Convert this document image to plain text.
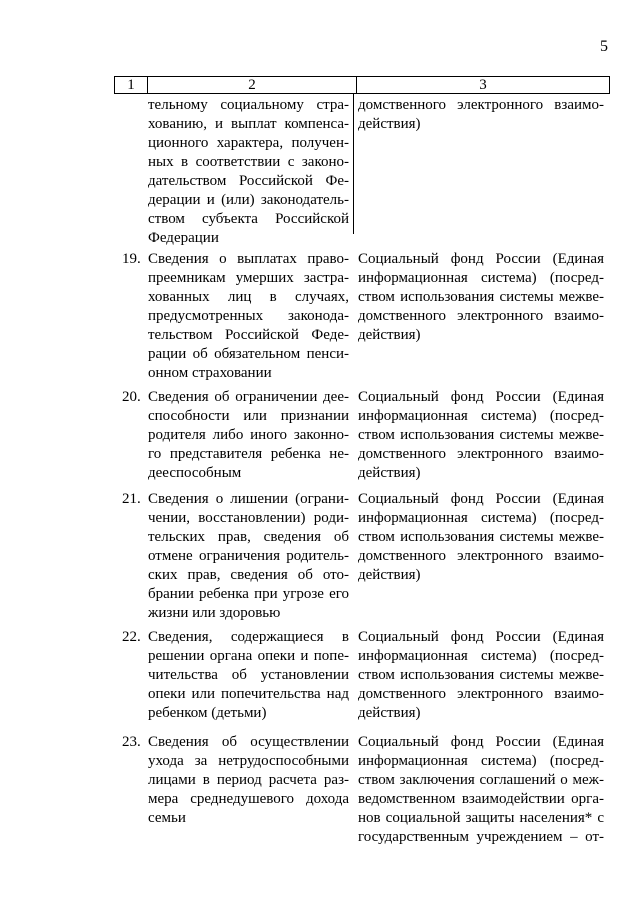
5
1	2	3
тельному социальному стра-
хованию, и выплат компенса-
ционного характера, получен-
ных в соответствии с законо-
дательством Российской Фе-
дерации и (или) законодатель-
ством субъекта Российской
Федерации
домственного электронного взаимо-
действия)
19. Сведения о выплатах право-
преемникам умерших застра-
хованных лиц в случаях,
предусмотренных законода-
тельством Российской Феде-
рации об обязательном пенси-
онном страховании
Социальный фонд России (Единая
информационная система) (посред-
ством использования системы межве-
домственного электронного взаимо-
действия)
20. Сведения об ограничении дее-
способности или признании
родителя либо иного законно-
го представителя ребенка не-
дееспособным
Социальный фонд России (Единая
информационная система) (посред-
ством использования системы межве-
домственного электронного взаимо-
действия)
21. Сведения о лишении (ограни-
чении, восстановлении) роди-
тельских прав, сведения об
отмене ограничения родитель-
ских прав, сведения об ото-
брании ребенка при угрозе его
жизни или здоровью
Социальный фонд России (Единая
информационная система) (посред-
ством использования системы межве-
домственного электронного взаимо-
действия)
22. Сведения, содержащиеся в
решении органа опеки и попе-
чительства об установлении
опеки или попечительства над
ребенком (детьми)
Социальный фонд России (Единая
информационная система) (посред-
ством использования системы межве-
домственного электронного взаимо-
действия)
23. Сведения об осуществлении
ухода за нетрудоспособными
лицами в период расчета раз-
мера среднедушевого дохода
семьи
Социальный фонд России (Единая
информационная система) (посред-
ством заключения соглашений о меж-
ведомственном взаимодействии орга-
нов социальной защиты населения* с
государственным учреждением – от-
